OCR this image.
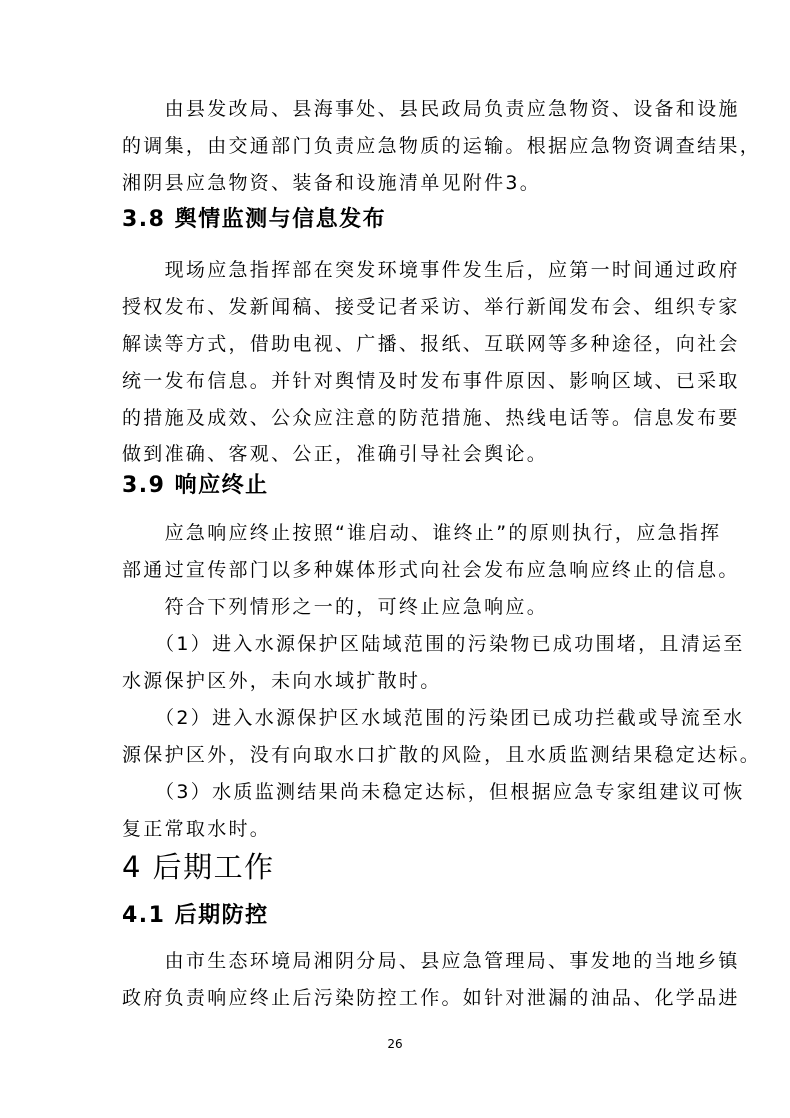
　　由县发改局、县海事处、县民政局负责应急物资、设备和设施
的调集，由交通部门负责应急物质的运输。根据应急物资调查结果，
湘阴县应急物资、装备和设施清单见附件3。
3.8 舆情监测与信息发布
　　现场应急指挥部在突发环境事件发生后，应第一时间通过政府
授权发布、发新闻稿、接受记者采访、举行新闻发布会、组织专家
解读等方式，借助电视、广播、报纸、互联网等多种途径，向社会
统一发布信息。并针对舆情及时发布事件原因、影响区域、已采取
的措施及成效、公众应注意的防范措施、热线电话等。信息发布要
做到准确、客观、公正，准确引导社会舆论。
3.9 响应终止
　　应急响应终止按照“谁启动、谁终止”的原则执行，应急指挥
部通过宣传部门以多种媒体形式向社会发布应急响应终止的信息。
　　符合下列情形之一的，可终止应急响应。
　　（1）进入水源保护区陆域范围的污染物已成功围堵，且清运至
水源保护区外，未向水域扩散时。
　　（2）进入水源保护区水域范围的污染团已成功拦截或导流至水
源保护区外，没有向取水口扩散的风险，且水质监测结果稳定达标。
　　（3）水质监测结果尚未稳定达标，但根据应急专家组建议可恢
复正常取水时。
4 后期工作
4.1 后期防控
　　由市生态环境局湘阴分局、县应急管理局、事发地的当地乡镇
政府负责响应终止后污染防控工作。如针对泄漏的油品、化学品进
26
